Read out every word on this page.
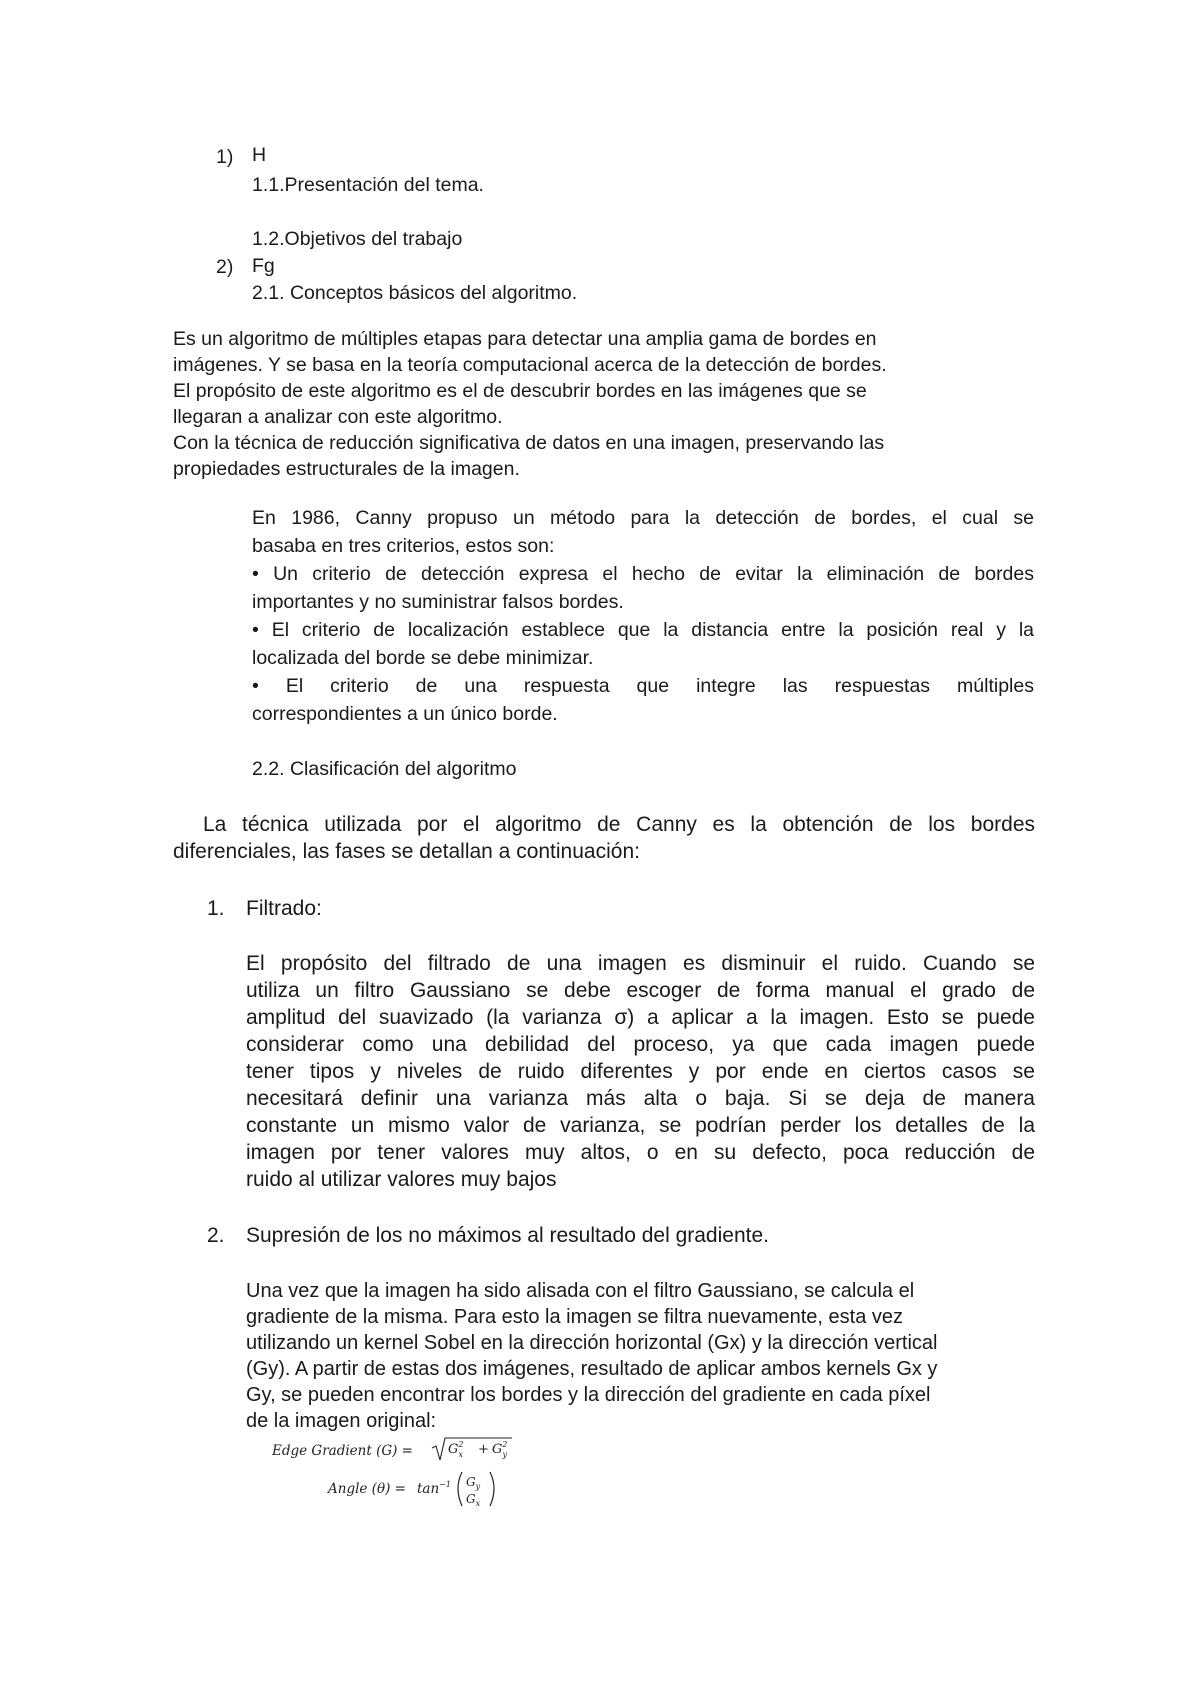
1) H
1.1.Presentación del tema.
1.2.Objetivos del trabajo
2) Fg
2.1. Conceptos básicos del algoritmo.
Es un algoritmo de múltiples etapas para detectar una amplia gama de bordes en
imágenes. Y se basa en la teoría computacional acerca de la detección de bordes.
El propósito de este algoritmo es el de descubrir bordes en las imágenes que se
llegaran a analizar con este algoritmo.
Con la técnica de reducción significativa de datos en una imagen, preservando las
propiedades estructurales de la imagen.
En 1986, Canny propuso un método para la detección de bordes, el cual se
basaba en tres criterios, estos son:
• Un criterio de detección expresa el hecho de evitar la eliminación de bordes
importantes y no suministrar falsos bordes.
• El criterio de localización establece que la distancia entre la posición real y la
localizada del borde se debe minimizar.
• El criterio de una respuesta que integre las respuestas múltiples
correspondientes a un único borde.
2.2. Clasificación del algoritmo
La técnica utilizada por el algoritmo de Canny es la obtención de los bordes
diferenciales, las fases se detallan a continuación:
1. Filtrado:
El propósito del filtrado de una imagen es disminuir el ruido. Cuando se
utiliza un filtro Gaussiano se debe escoger de forma manual el grado de
amplitud del suavizado (la varianza σ) a aplicar a la imagen. Esto se puede
considerar como una debilidad del proceso, ya que cada imagen puede
tener tipos y niveles de ruido diferentes y por ende en ciertos casos se
necesitará definir una varianza más alta o baja. Si se deja de manera
constante un mismo valor de varianza, se podrían perder los detalles de la
imagen por tener valores muy altos, o en su defecto, poca reducción de
ruido al utilizar valores muy bajos
2. Supresión de los no máximos al resultado del gradiente.
Una vez que la imagen ha sido alisada con el filtro Gaussiano, se calcula el
gradiente de la misma. Para esto la imagen se filtra nuevamente, esta vez
utilizando un kernel Sobel en la dirección horizontal (Gx) y la dirección vertical
(Gy). A partir de estas dos imágenes, resultado de aplicar ambos kernels Gx y
Gy, se pueden encontrar los bordes y la dirección del gradiente en cada píxel
de la imagen original:
Edge Gradient (G) =	$G^2$ $x + G^2$ y
Angle $(\theta) = \tan^{-1} G_y$
$G_x$
